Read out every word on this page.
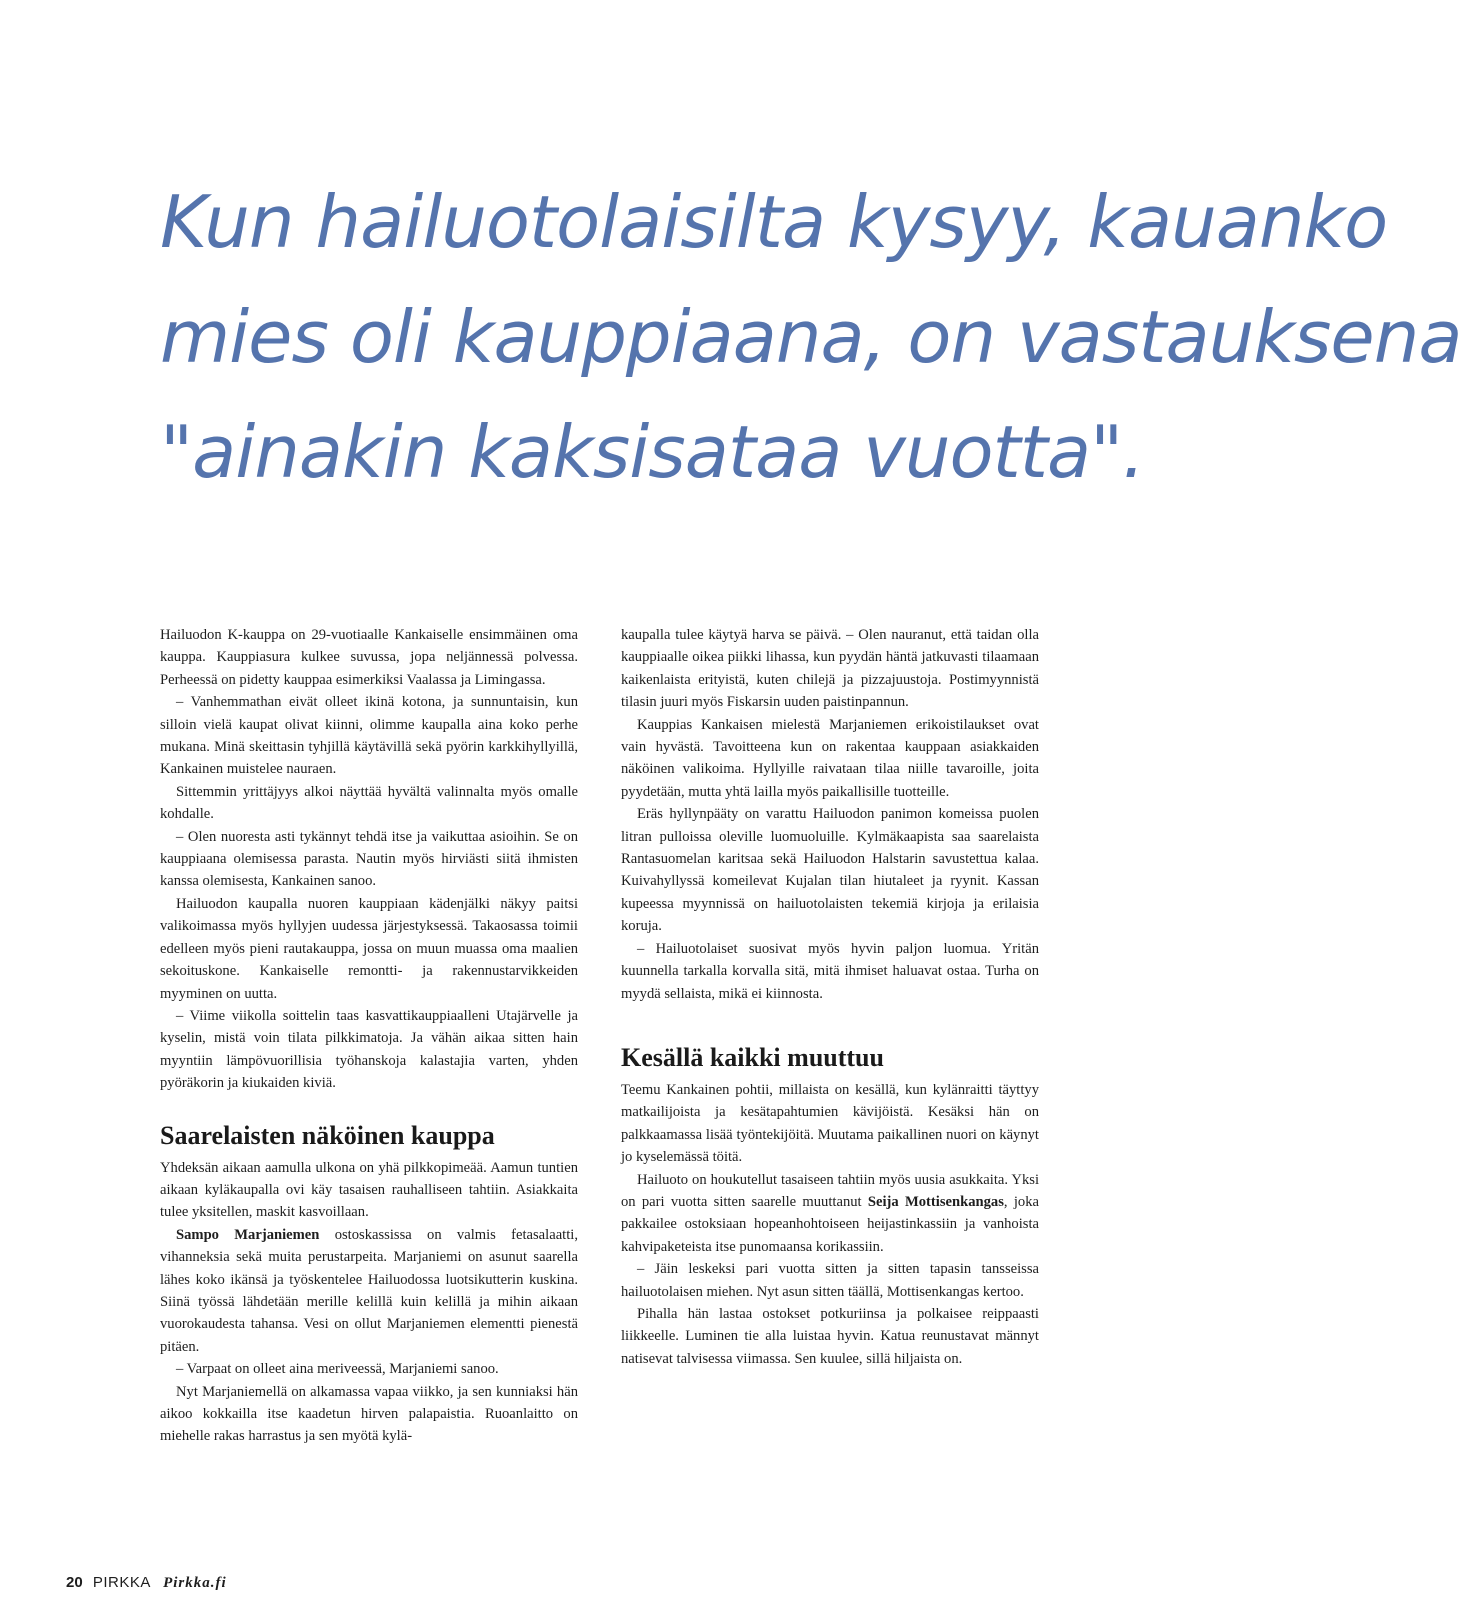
Kun hailuotolaisilta kysyy, kauanko
mies oli kauppiaana, on vastauksena
"ainakin kaksisataa vuotta".

Hailuodon K-kauppa on 29-vuotiaalle Kankaiselle ensimmäinen oma kauppa. Kauppiasura kulkee suvussa, jopa neljännessä polvessa. Perheessä on pidetty kauppaa esimerkiksi Vaalassa ja Limingassa.

– Vanhemmathan eivät olleet ikinä kotona, ja sunnuntaisin, kun silloin vielä kaupat olivat kiinni, olimme kaupalla aina koko perhe mukana. Minä skeittasin tyhjillä käytävillä sekä pyörin karkkihyllyillä, Kankainen muistelee nauraen.

Sittemmin yrittäjyys alkoi näyttää hyvältä valinnalta myös omalle kohdalle.

– Olen nuoresta asti tykännyt tehdä itse ja vaikuttaa asioihin. Se on kauppiaana olemisessa parasta. Nautin myös hirviästi siitä ihmisten kanssa olemisesta, Kankainen sanoo.

Hailuodon kaupalla nuoren kauppiaan kädenjälki näkyy paitsi valikoimassa myös hyllyjen uudessa järjestyksessä. Takaosassa toimii edelleen myös pieni rautakauppa, jossa on muun muassa oma maalien sekoituskone. Kankaiselle remontti- ja rakennustarvikkeiden myyminen on uutta.

– Viime viikolla soittelin taas kasvattikauppiaalleni Utajärvelle ja kyselin, mistä voin tilata pilkkimatoja. Ja vähän aikaa sitten hain myyntiin lämpövuorillisia työhanskoja kalastajia varten, yhden pyöräkorin ja kiukaiden kiviä.

Saarelaisten näköinen kauppa

Yhdeksän aikaan aamulla ulkona on yhä pilkkopimeää. Aamun tuntien aikaan kyläkaupalla ovi käy tasaisen rauhalliseen tahtiin. Asiakkaita tulee yksitellen, maskit kasvoillaan.

Sampo Marjaniemen ostoskassissa on valmis fetasalaatti, vihanneksia sekä muita perustarpeita. Marjaniemi on asunut saarella lähes koko ikänsä ja työskentelee Hailuodossa luotsikutterin kuskina. Siinä työssä lähdetään merille kelillä kuin kelillä ja mihin aikaan vuorokaudesta tahansa. Vesi on ollut Marjaniemen elementti pienestä pitäen.

– Varpaat on olleet aina meriveessä, Marjaniemi sanoo.

Nyt Marjaniemellä on alkamassa vapaa viikko, ja sen kunniaksi hän aikoo kokkailla itse kaadetun hirven palapaistia. Ruoanlaitto on miehelle rakas harrastus ja sen myötä kylä-

kaupalla tulee käytyä harva se päivä. – Olen nauranut, että taidan olla kauppiaalle oikea piikki lihassa, kun pyydän häntä jatkuvasti tilaamaan kaikenlaista erityistä, kuten chilejä ja pizzajuustoja. Postimyynnistä tilasin juuri myös Fiskarsin uuden paistinpannun.

Kauppias Kankaisen mielestä Marjaniemen erikoistilaukset ovat vain hyvästä. Tavoitteena kun on rakentaa kauppaan asiakkaiden näköinen valikoima. Hyllyille raivataan tilaa niille tavaroille, joita pyydetään, mutta yhtä lailla myös paikallisille tuotteille.

Eräs hyllynpääty on varattu Hailuodon panimon komeissa puolen litran pulloissa oleville luomuoluille. Kylmäkaapista saa saarelaista Rantasuomelan karitsaa sekä Hailuodon Halstarin savustettua kalaa. Kuivahyllyssä komeilevat Kujalan tilan hiutaleet ja ryynit. Kassan kupeessa myynnissä on hailuotolaisten tekemiä kirjoja ja erilaisia koruja.

– Hailuotolaiset suosivat myös hyvin paljon luomua. Yritän kuunnella tarkalla korvalla sitä, mitä ihmiset haluavat ostaa. Turha on myydä sellaista, mikä ei kiinnosta.

Kesällä kaikki muuttuu

Teemu Kankainen pohtii, millaista on kesällä, kun kylänraitti täyttyy matkailijoista ja kesätapahtumien kävijöistä. Kesäksi hän on palkkaamassa lisää työntekijöitä. Muutama paikallinen nuori on käynyt jo kyselemässä töitä.

Hailuoto on houkutellut tasaiseen tahtiin myös uusia asukkaita. Yksi on pari vuotta sitten saarelle muuttanut Seija Mottisenkangas, joka pakkailee ostoksiaan hopeanhohtoiseen heijastinkassiin ja vanhoista kahvipaketeista itse punomaansa korikassiin.

– Jäin leskeksi pari vuotta sitten ja sitten tapasin tansseissa hailuotolaisen miehen. Nyt asun sitten täällä, Mottisenkangas kertoo.

Pihalla hän lastaa ostokset potkuriinsa ja polkaisee reippaasti liikkeelle. Luminen tie alla luistaa hyvin. Katua reunustavat männyt natisevat talvisessa viimassa. Sen kuulee, sillä hiljaista on.

20 PIRKKA Pirkka.fi
